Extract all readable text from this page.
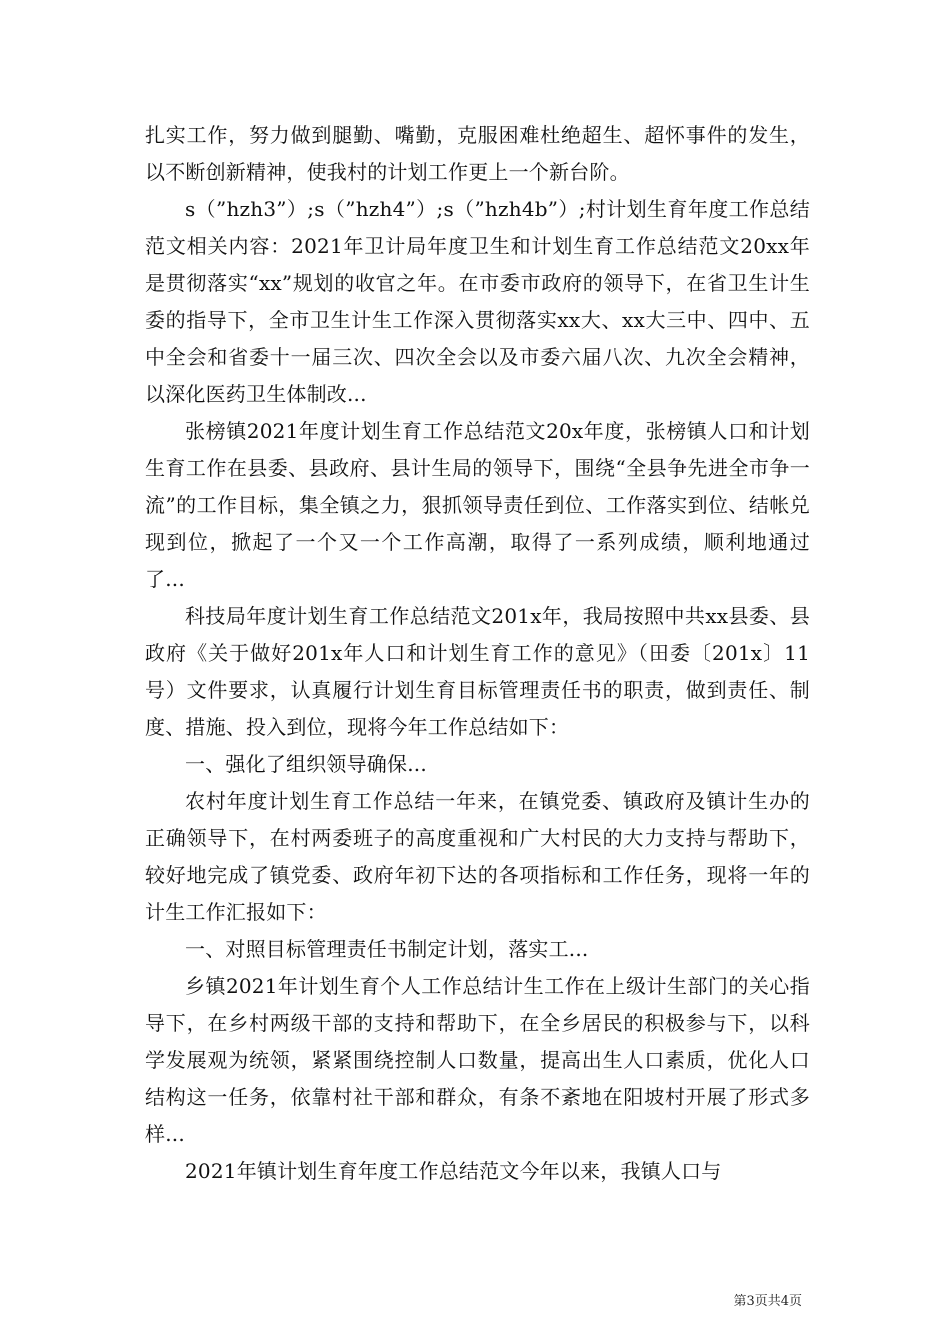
扎实工作，努力做到腿勤、嘴勤，克服困难杜绝超生、超怀事件的发生，以不断创新精神，使我村的计划工作更上一个新台阶。

s（”hzh3”）;s（”hzh4”）;s（”hzh4b”）;村计划生育年度工作总结范文相关内容：2021年卫计局年度卫生和计划生育工作总结范文20xx年是贯彻落实“xx”规划的收官之年。在市委市政府的领导下，在省卫生计生委的指导下，全市卫生计生工作深入贯彻落实xx大、xx大三中、四中、五中全会和省委十一届三次、四次全会以及市委六届八次、九次全会精神，以深化医药卫生体制改...

张榜镇2021年度计划生育工作总结范文20x年度，张榜镇人口和计划生育工作在县委、县政府、县计生局的领导下，围绕“全县争先进全市争一流”的工作目标，集全镇之力，狠抓领导责任到位、工作落实到位、结帐兑现到位，掀起了一个又一个工作高潮，取得了一系列成绩，顺利地通过了...

科技局年度计划生育工作总结范文201x年，我局按照中共xx县委、县政府《关于做好201x年人口和计划生育工作的意见》（田委〔201x〕11号）文件要求，认真履行计划生育目标管理责任书的职责，做到责任、制度、措施、投入到位，现将今年工作总结如下：

一、强化了组织领导确保...

农村年度计划生育工作总结一年来，在镇党委、镇政府及镇计生办的正确领导下，在村两委班子的高度重视和广大村民的大力支持与帮助下，较好地完成了镇党委、政府年初下达的各项指标和工作任务，现将一年的计生工作汇报如下：

一、对照目标管理责任书制定计划，落实工...

乡镇2021年计划生育个人工作总结计生工作在上级计生部门的关心指导下，在乡村两级干部的支持和帮助下，在全乡居民的积极参与下，以科学发展观为统领，紧紧围绕控制人口数量，提高出生人口素质，优化人口结构这一任务，依靠村社干部和群众，有条不紊地在阳坡村开展了形式多样...

2021年镇计划生育年度工作总结范文今年以来，我镇人口与

第3页共4页
